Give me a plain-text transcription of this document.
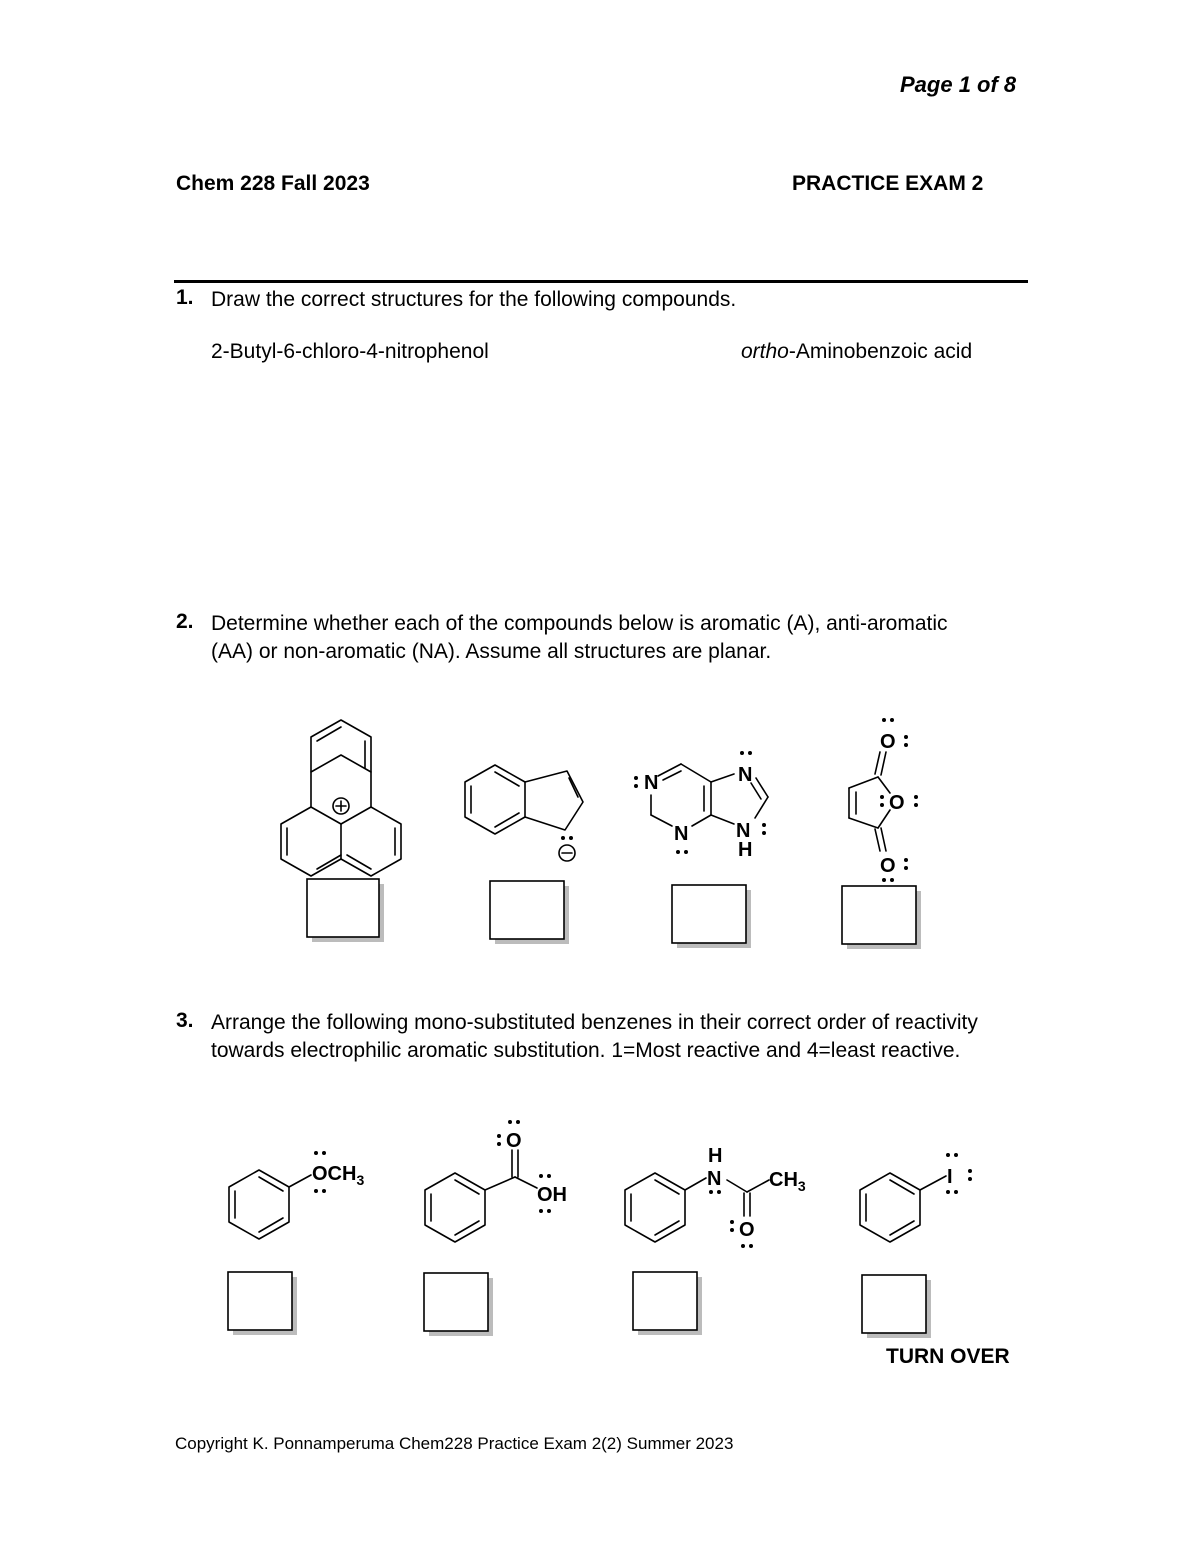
Page 1 of 8
Chem 228 Fall 2023	PRACTICE EXAM 2
1. Draw the correct structures for the following compounds.
2-Butyl-6-chloro-4-nitrophenol	ortho-Aminobenzoic acid
2. Determine whether each of the compounds below is aromatic (A), anti-aromatic (AA) or non-aromatic (NA). Assume all structures are planar.
3. Arrange the following mono-substituted benzenes in their correct order of reactivity towards electrophilic aromatic substitution. 1=Most reactive and 4=least reactive.
N	N
N N
H
O
O
O
$OCH_3$
O
OH
H
N $CH_3$
O
I
TURN OVER
Copyright K. Ponnamperuma Chem228 Practice Exam 2(2) Summer 2023
